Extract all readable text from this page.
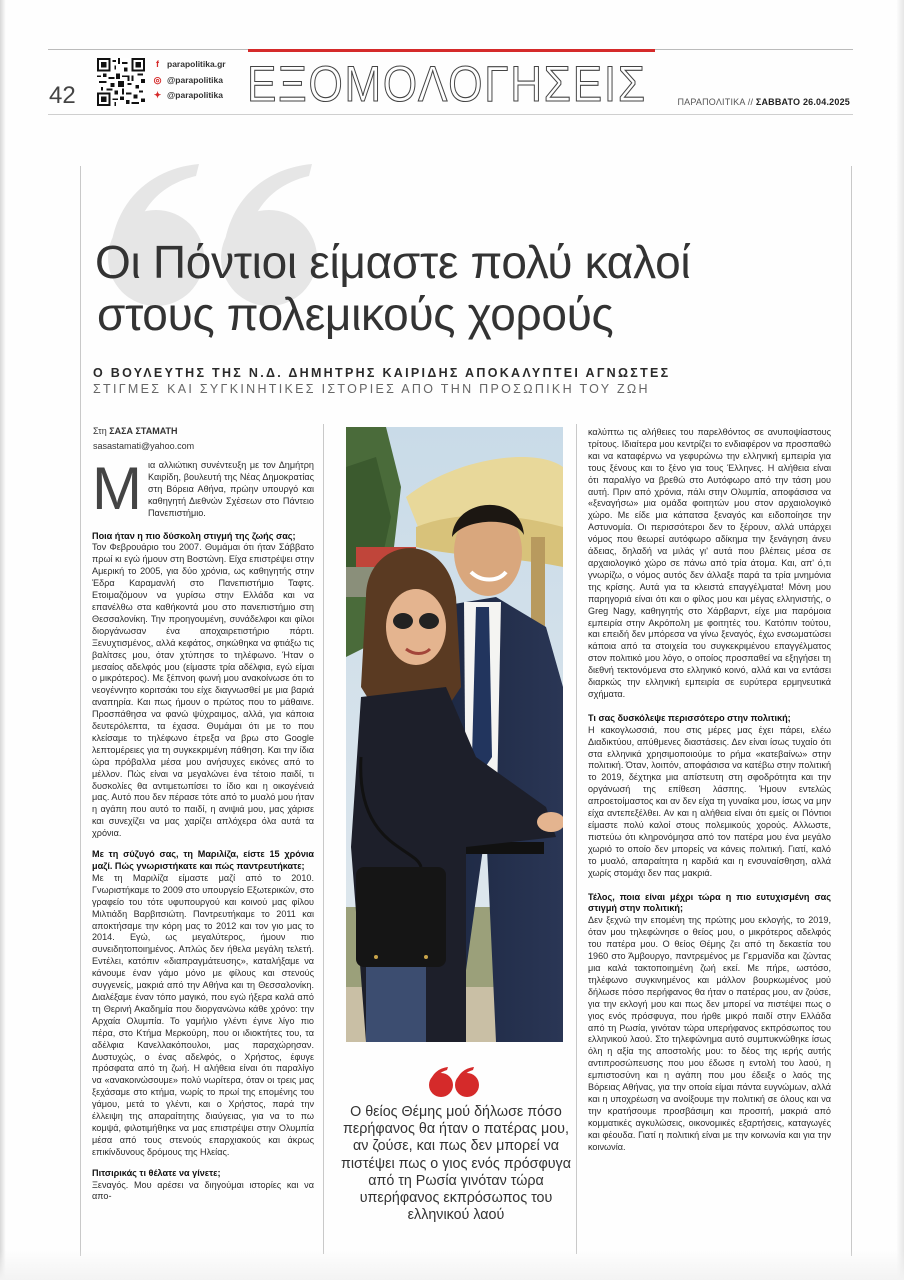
42
f parapolitika.gr
◎ @parapolitika
✦ @parapolitika ΕΞΟΜΟΛΟΓΗΣΕΙΣ	ΠΑΡΑΠΟΛΙΤΙΚΑ // ΣΑΒΒΑΤΟ 26.04.2025
Οι Πόντιοι είμαστε πολύ καλοί
στους πολεμικούς χορούς
Ο ΒΟΥΛΕΥΤΗΣ ΤΗΣ Ν.Δ. ΔΗΜΗΤΡΗΣ ΚΑΙΡΙΔΗΣ ΑΠΟΚΑΛΥΠΤΕΙ ΑΓΝΩΣΤΕΣ
ΣΤΙΓΜΕΣ ΚΑΙ ΣΥΓΚΙΝΗΤΙΚΕΣ ΙΣΤΟΡΙΕΣ ΑΠΟ ΤΗΝ ΠΡΟΣΩΠΙΚΗ ΤΟΥ ΖΩΗ
Στη ΣΑΣΑ ΣΤΑΜΑΤΗ
sasastamati@yahoo.com

Μια αλλιώτικη συνέντευξη με τον Δημήτρη Καιρίδη, βουλευτή της Νέας Δημοκρατίας στη Βόρεια Αθήνα, πρώην υπουργό και καθηγητή Διεθνών Σχέσεων στο Πάντειο Πανεπιστήμιο.

Ποια ήταν η πιο δύσκολη στιγμή της ζωής σας;

Τον Φεβρουάριο του 2007. Θυμάμαι ότι ήταν Σάββατο πρωί κι εγώ ήμουν στη Βοστώνη. Είχα επιστρέψει στην Αμερική το 2005, για δύο χρόνια, ως καθηγητής στην Έδρα Καραμανλή στο Πανεπιστήμιο Ταφτς. Ετοιμαζόμουν να γυρίσω στην Ελλάδα και να επανέλθω στα καθήκοντά μου στο πανεπιστήμιο στη Θεσσαλονίκη. Την προηγουμένη, συνάδελφοι και φίλοι διοργάνωσαν ένα αποχαιρετιστήριο πάρτι. Ξενυχτισμένος, αλλά κεφάτος, σηκώθηκα να φτιάξω τις βαλίτσες μου, όταν χτύπησε το τηλέφωνο. Ήταν ο μεσαίος αδελφός μου (είμαστε τρία αδέλφια, εγώ είμαι ο μικρότερος). Με ξέπνοη φωνή μου ανακοίνωσε ότι το νεογέννητο κοριτσάκι του είχε διαγνωσθεί με μια βαριά αναπηρία. Και πως ήμουν ο πρώτος που το μάθαινε. Προσπάθησα να φανώ ψύχραιμος, αλλά, για κάποια δευτερόλεπτα, τα έχασα. Θυμάμαι ότι με το που κλείσαμε το τηλέφωνο έτρεξα να βρω στο Google λεπτομέρειες για τη συγκεκριμένη πάθηση. Και την ίδια ώρα πρόβαλλα μέσα μου ανήσυχες εικόνες από το μέλλον. Πώς είναι να μεγαλώνει ένα τέτοιο παιδί, τι δυσκολίες θα αντιμετωπίσει το ίδιο και η οικογένειά μας. Αυτό που δεν πέρασε τότε από το μυαλό μου ήταν η αγάπη που αυτό το παιδί, η ανιψιά μου, μας χάρισε και συνεχίζει να μας χαρίζει απλόχερα όλα αυτά τα χρόνια.

Με τη σύζυγό σας, τη Μαριλίζα, είστε 15 χρόνια μαζί. Πώς γνωριστήκατε και πώς παντρευτήκατε;

Με τη Μαριλίζα είμαστε μαζί από το 2010. Γνωριστήκαμε το 2009 στο υπουργείο Εξωτερικών, στο γραφείο του τότε υφυπουργού και κοινού μας φίλου Μιλτιάδη Βαρβιτσιώτη. Παντρευτήκαμε το 2011 και αποκτήσαμε την κόρη μας το 2012 και τον γιο μας το 2014. Εγώ, ως μεγαλύτερος, ήμουν πιο συνειδητοποιημένος. Απλώς δεν ήθελα μεγάλη τελετή. Εντέλει, κατόπιν «διαπραγμάτευσης», καταλήξαμε να κάνουμε έναν γάμο μόνο με φίλους και στενούς συγγενείς, μακριά από την Αθήνα και τη Θεσσαλονίκη. Διαλέξαμε έναν τόπο μαγικό, που εγώ ήξερα καλά από τη Θερινή Ακαδημία που διοργανώνω κάθε χρόνο: την Αρχαία Ολυμπία. Το γαμήλιο γλέντι έγινε λίγο πιο πέρα, στο Κτήμα Μερκούρη, που οι ιδιοκτήτες του, τα αδέλφια Κανελλακόπουλοι, μας παραχώρησαν. Δυστυχώς, ο ένας αδελφός, ο Χρήστος, έφυγε πρόσφατα από τη ζωή. Η αλήθεια είναι ότι παραλίγο να «ανακοινώσουμε» πολύ νωρίτερα, όταν οι τρεις μας ξεχάσαμε στο κτήμα, νωρίς το πρωί της επομένης του γάμου, μετά το γλέντι, και ο Χρήστος, παρά την έλλειψη της απαραίτητης διαύγειας, για να το πω κομψά, φιλοτιμήθηκε να μας επιστρέψει στην Ολυμπία μέσα από τους στενούς επαρχιακούς και άκρως επικίνδυνους δρόμους της Ηλείας.

Πιτσιρικάς τι θέλατε να γίνετε;

Ξεναγός. Μου αρέσει να διηγούμαι ιστορίες και να απο-

Ο θείος Θέμης μού δήλωσε πόσο περήφανος θα ήταν ο πατέρας μου, αν ζούσε, και πως δεν μπορεί να πιστέψει πως ο γιος ενός πρόσφυγα από τη Ρωσία γινόταν τώρα υπερήφανος εκπρόσωπος του ελληνικού λαού

καλύπτω τις αλήθειες του παρελθόντος σε ανυποψίαστους τρίτους. Ιδιαίτερα μου κεντρίζει το ενδιαφέρον να προσπαθώ και να καταφέρνω να γεφυρώνω την ελληνική εμπειρία για τους ξένους και το ξένο για τους Έλληνες. Η αλήθεια είναι ότι παραλίγο να βρεθώ στο Αυτόφωρο από την τάση μου αυτή. Πριν από χρόνια, πάλι στην Ολυμπία, αποφάσισα να «ξεναγήσω» μια ομάδα φοιτητών μου στον αρχαιολογικό χώρο. Με είδε μια κάπατσα ξεναγός και ειδοποίησε την Αστυνομία. Οι περισσότεροι δεν το ξέρουν, αλλά υπάρχει νόμος που θεωρεί αυτόφωρο αδίκημα την ξενάγηση άνευ άδειας, δηλαδή να μιλάς γι' αυτά που βλέπεις μέσα σε αρχαιολογικό χώρο σε πάνω από τρία άτομα. Και, απ' ό,τι γνωρίζω, ο νόμος αυτός δεν άλλαξε παρά τα τρία μνημόνια της κρίσης. Αυτά για τα κλειστά επαγγέλματα! Μόνη μου παρηγοριά είναι ότι και ο φίλος μου και μέγας ελληνιστής, ο Greg Nagy, καθηγητής στο Χάρβαρντ, είχε μια παρόμοια εμπειρία στην Ακρόπολη με φοιτητές του. Κατόπιν τούτου, και επειδή δεν μπόρεσα να γίνω ξεναγός, έχω ενσωματώσει κάποια από τα στοιχεία του συγκεκριμένου επαγγέλματος στον πολιτικό μου λόγο, ο οποίος προσπαθεί να εξηγήσει τη διεθνή τεκτονόμενα στο ελληνικό κοινό, αλλά και να εντάσει διαρκώς την ελληνική εμπειρία σε ευρύτερα ερμηνευτικά σχήματα.

Τι σας δυσκόλεψε περισσότερο στην πολιτική;

Η κακογλωσσιά, που στις μέρες μας έχει πάρει, ελέω Διαδικτύου, απύθμενες διαστάσεις. Δεν είναι ίσως τυχαίο ότι στα ελληνικά χρησιμοποιούμε το ρήμα «κατεβαίνω» στην πολιτική. Όταν, λοιπόν, αποφάσισα να κατέβω στην πολιτική το 2019, δέχτηκα μια απίστευτη στη σφοδρότητα και την οργάνωσή της επίθεση λάσπης. Ήμουν εντελώς απροετοίμαστος και αν δεν είχα τη γυναίκα μου, ίσως να μην είχα αντεπεξέλθει. Αν και η αλήθεια είναι ότι εμείς οι Πόντιοι είμαστε πολύ καλοί στους πολεμικούς χορούς. Αλλωστε, πιστεύω ότι κληρονόμησα από τον πατέρα μου ένα μεγάλο χωριό το οποίο δεν μπορείς να κάνεις πολιτική. Γιατί, καλό το μυαλό, απαραίτητα η καρδιά και η ενσυναίσθηση, αλλά χωρίς στομάχι δεν πας μακριά.

Τέλος, ποια είναι μέχρι τώρα η πιο ευτυχισμένη σας στιγμή στην πολιτική;

Δεν ξεχνώ την επομένη της πρώτης μου εκλογής, το 2019, όταν μου τηλεφώνησε ο θείος μου, ο μικρότερος αδελφός του πατέρα μου. Ο θείος Θέμης ζει από τη δεκαετία του 1960 στο Άμβουργο, παντρεμένος με Γερμανίδα και ζώντας μια καλά τακτοποιημένη ζωή εκεί. Με πήρε, ωστόσο, τηλέφωνο συγκινημένος και μάλλον βουρκωμένος μού δήλωσε πόσο περήφανος θα ήταν ο πατέρας μου, αν ζούσε, για την εκλογή μου και πως δεν μπορεί να πιστέψει πως ο γιος ενός πρόσφυγα, που ήρθε μικρό παιδί στην Ελλάδα από τη Ρωσία, γινόταν τώρα υπερήφανος εκπρόσωπος του ελληνικού λαού. Στο τηλεφώνημα αυτό συμπυκνώθηκε ίσως όλη η αξία της αποστολής μου: το δέος της ιερής αυτής αντιπροσώπευσης που μου έδωσε η εντολή του λαού, η εμπιστοσύνη και η αγάπη που μου έδειξε ο λαός της Βόρειας Αθήνας, για την οποία είμαι πάντα ευγνώμων, αλλά και η υποχρέωση να ανοίξουμε την πολιτική σε όλους και να την κρατήσουμε προσβάσιμη και προσιτή, μακριά από κομματικές αγκυλώσεις, οικονομικές εξαρτήσεις, καταγωγές και φέουδα. Γιατί η πολιτική είναι με την κοινωνία και για την κοινωνία.
